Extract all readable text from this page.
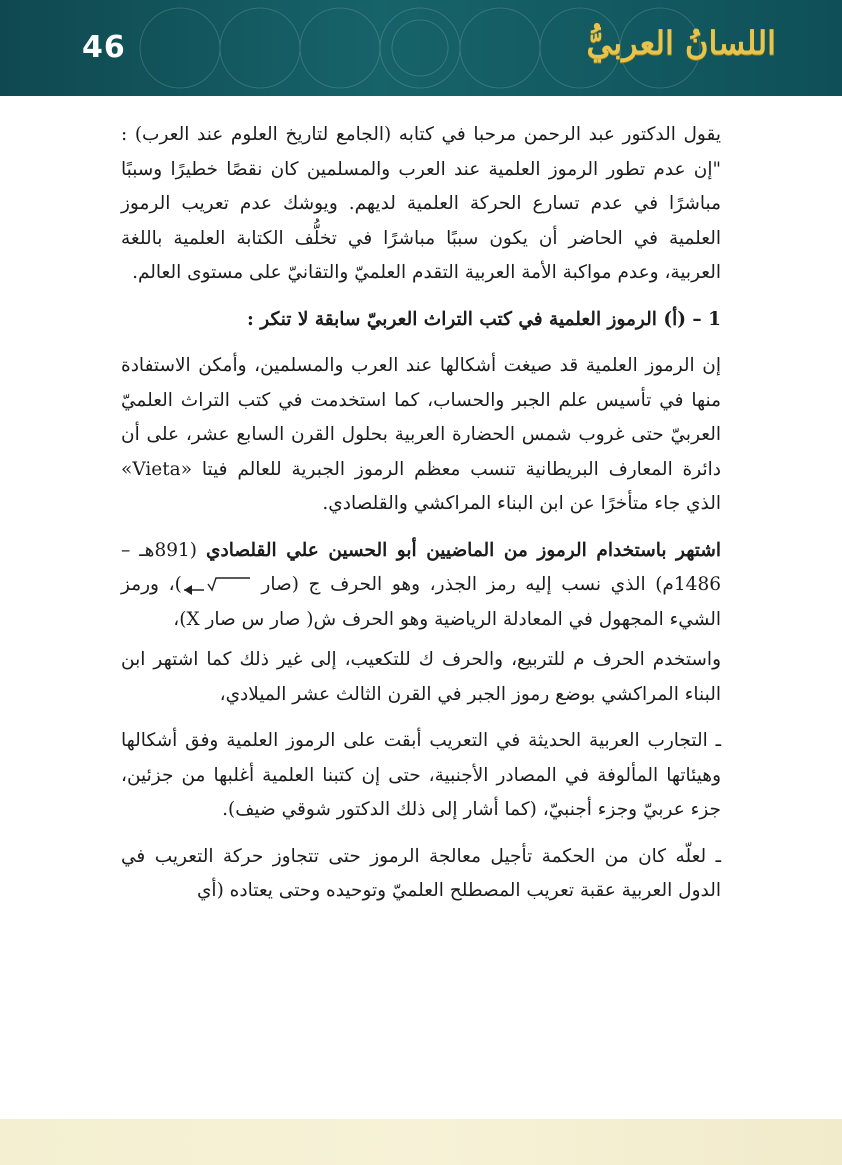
46	اللسانُ العربيُّ

يقول الدكتور عبد الرحمن مرحبا في كتابه (الجامع لتاريخ العلوم عند العرب) : "إن عدم تطور الرموز العلمية عند العرب والمسلمين كان نقصًا خطيرًا وسببًا مباشرًا في عدم تسارع الحركة العلمية لديهم. ويوشك عدم تعريب الرموز العلمية في الحاضر أن يكون سببًا مباشرًا في تخلُّف الكتابة العلمية باللغة العربية، وعدم مواكبة الأمة العربية التقدم العلميّ والتقانيّ على مستوى العالم.

1 – (أ) الرموز العلمية في كتب التراث العربيّ سابقة لا تنكر :

إن الرموز العلمية قد صيغت أشكالها عند العرب والمسلمين، وأمكن الاستفادة منها في تأسيس علم الجبر والحساب، كما استخدمت في كتب التراث العلميّ العربيّ حتى غروب شمس الحضارة العربية بحلول القرن السابع عشر، على أن دائرة المعارف البريطانية تنسب معظم الرموز الجبرية للعالم فيتا «Vieta» الذي جاء متأخرًا عن ابن البناء المراكشي والقلصادي.

اشتهر باستخدام الرموز من الماضيين أبو الحسين علي القلصادي (891هـ – 1486م) الذي نسب إليه رمز الجذر، وهو الحرف ج (صار
)، ورمز الشيء المجهول في المعادلة الرياضية وهو الحرف ش( صار س صار X)،

واستخدم الحرف م للتربيع، والحرف ك للتكعيب، إلى غير ذلك كما اشتهر ابن البناء المراكشي بوضع رموز الجبر في القرن الثالث عشر الميلادي،

ـ التجارب العربية الحديثة في التعريب أبقت على الرموز العلمية وفق أشكالها وهيئاتها المألوفة في المصادر الأجنبية، حتى إن كتبنا العلمية أغلبها من جزئين، جزء عربيّ وجزء أجنبيّ، (كما أشار إلى ذلك الدكتور شوقي ضيف).

ـ لعلّه كان من الحكمة تأجيل معالجة الرموز حتى تتجاوز حركة التعريب في الدول العربية عقبة تعريب المصطلح العلميّ وتوحيده وحتى يعتاده (أي
